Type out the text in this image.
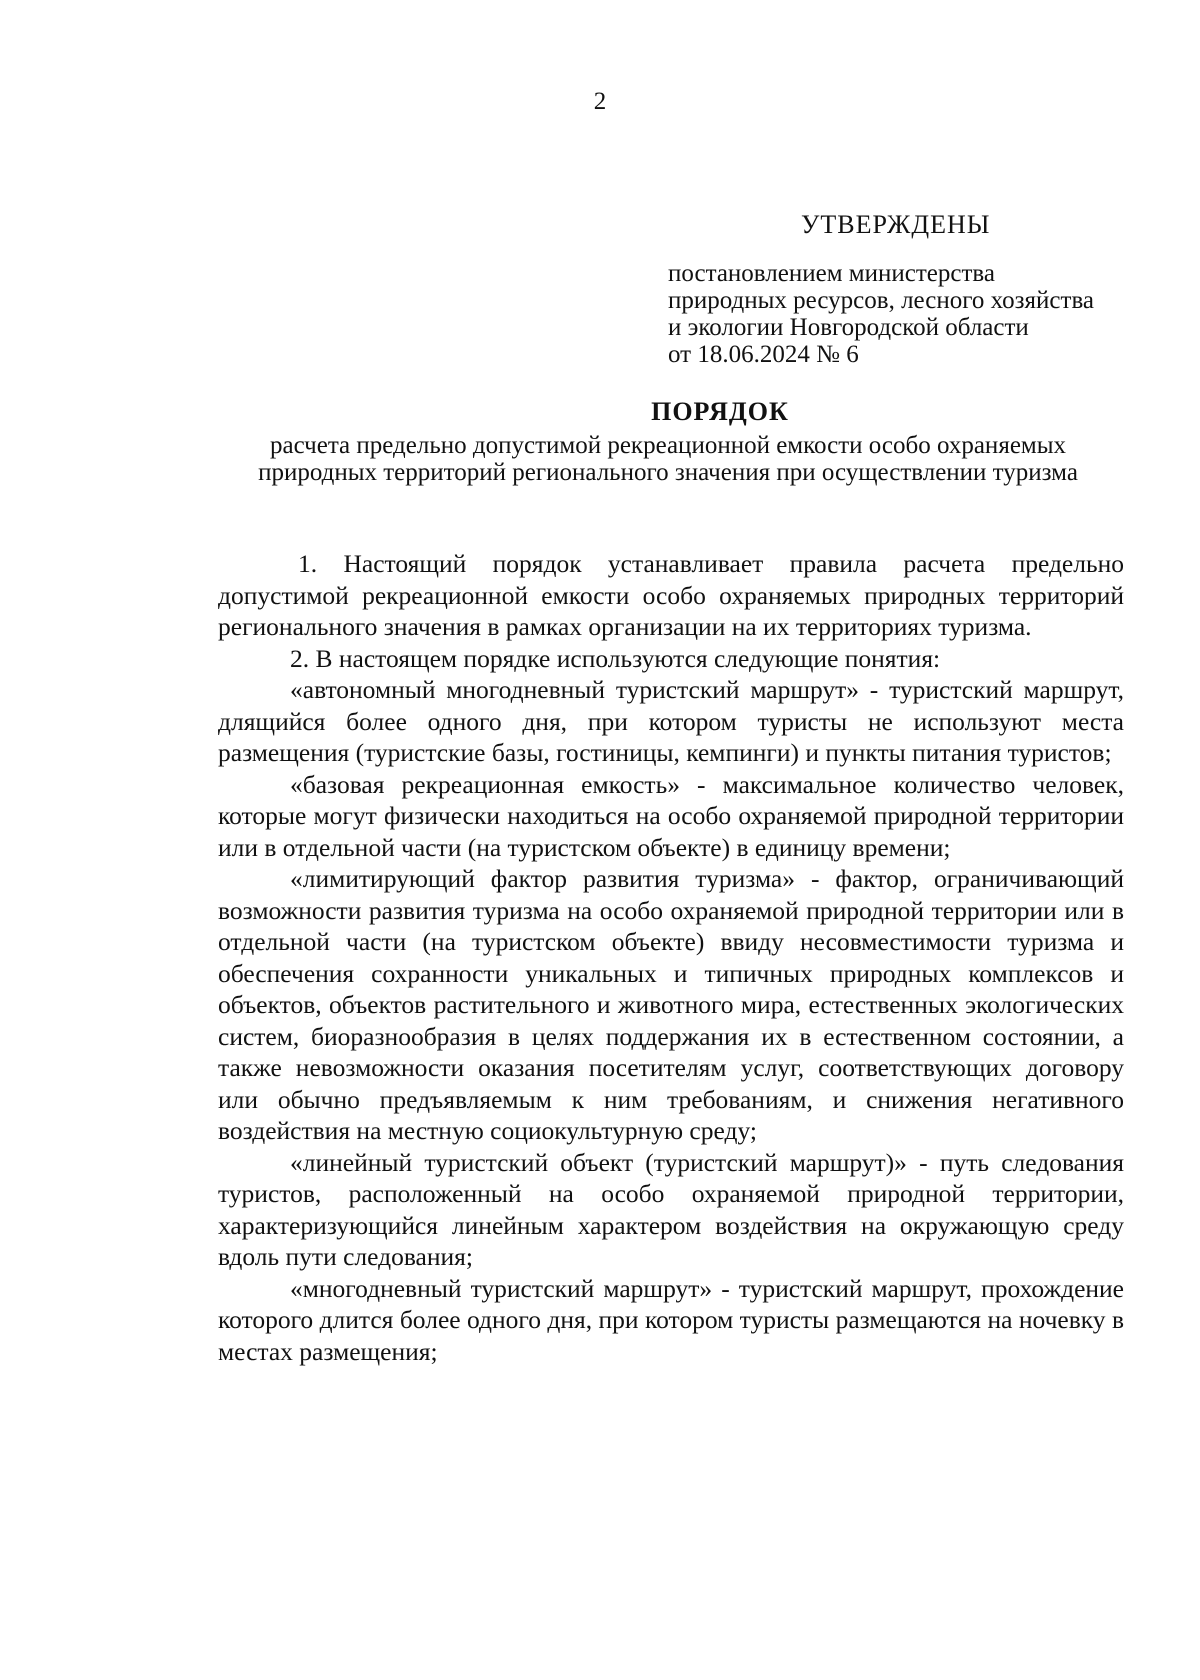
2
УТВЕРЖДЕНЫ
постановлением министерства
природных ресурсов, лесного хозяйства
и экологии Новгородской области
от 18.06.2024 № 6
ПОРЯДОК
расчета предельно допустимой рекреационной емкости особо охраняемых
природных территорий регионального значения при осуществлении туризма

1. Настоящий порядок устанавливает правила расчета предельно допустимой рекреационной емкости особо охраняемых природных территорий регионального значения в рамках организации на их территориях туризма.

2. В настоящем порядке используются следующие понятия:

«автономный многодневный туристский маршрут» - туристский маршрут, длящийся более одного дня, при котором туристы не используют места размещения (туристские базы, гостиницы, кемпинги) и пункты питания туристов;

«базовая рекреационная емкость» - максимальное количество человек, которые могут физически находиться на особо охраняемой природной территории или в отдельной части (на туристском объекте) в единицу времени;

«лимитирующий фактор развития туризма» - фактор, ограничивающий возможности развития туризма на особо охраняемой природной территории или в отдельной части (на туристском объекте) ввиду несовместимости туризма и обеспечения сохранности уникальных и типичных природных комплексов и объектов, объектов растительного и животного мира, естественных экологических систем, биоразнообразия в целях поддержания их в естественном состоянии, а также невозможности оказания посетителям услуг, соответствующих договору или обычно предъявляемым к ним требованиям, и снижения негативного воздействия на местную социокультурную среду;

«линейный туристский объект (туристский маршрут)» - путь следования туристов, расположенный на особо охраняемой природной территории, характеризующийся линейным характером воздействия на окружающую среду вдоль пути следования;

«многодневный туристский маршрут» - туристский маршрут, прохождение которого длится более одного дня, при котором туристы размещаются на ночевку в местах размещения;
